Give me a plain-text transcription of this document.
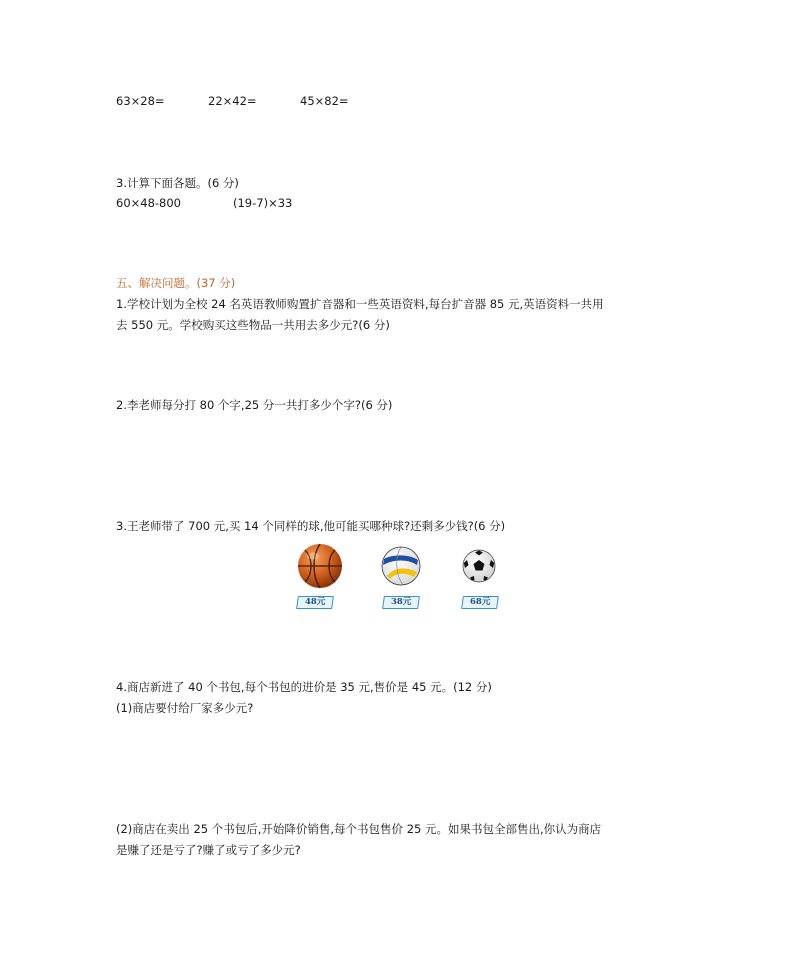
63×28=	22×42=	45×82=
3.计算下面各题。(6 分)
60×48-800	(19-7)×33
五、解决问题。(37 分)
1.学校计划为全校 24 名英语教师购置扩音器和一些英语资料,每台扩音器 85 元,英语资料一共用
去 550 元。学校购买这些物品一共用去多少元?(6 分)
2.李老师每分打 80 个字,25 分一共打多少个字?(6 分)
3.王老师带了 700 元,买 14 个同样的球,他可能买哪种球?还剩多少钱?(6 分)
48元	38元	68元
4.商店新进了 40 个书包,每个书包的进价是 35 元,售价是 45 元。(12 分)
(1)商店要付给厂家多少元?
(2)商店在卖出 25 个书包后,开始降价销售,每个书包售价 25 元。如果书包全部售出,你认为商店
是赚了还是亏了?赚了或亏了多少元?
